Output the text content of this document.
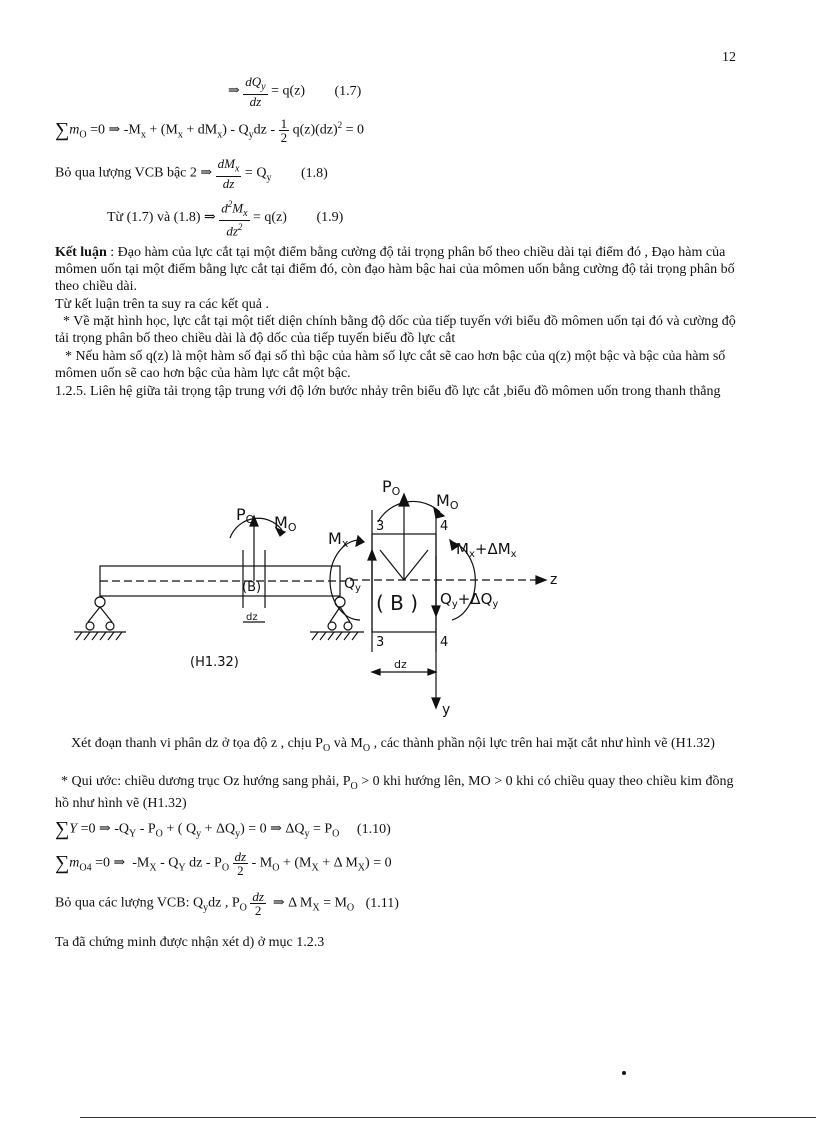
12
⇒ $\frac{dQ_y}{dz} = q(z)$ (1.7)
$\sum m_O =0$ ⇒ $-M_x + (M_x + dM_x) - Q_ydz - \frac{1}{2} q(z)(dz)^2 = 0$
Bỏ qua lượng VCB bậc 2 ⇒ $\frac{dM_x}{dz} = Q_y$ (1.8)
Từ (1.7) và (1.8) ⇒ $\frac{d^2M_x}{dz^2} = q(z)$ (1.9)
Kết luận : Đạo hàm của lực cắt tại một điểm bằng cường độ tải trọng phân bố theo chiều dài tại điểm đó , Đạo hàm của mômen uốn tại một điểm bằng lực cắt tại điểm đó, còn đạo hàm bậc hai của mômen uốn bằng cường độ tải trọng phân bố theo chiều dài.
Từ kết luận trên ta suy ra các kết quả .
* Về mặt hình học, lực cắt tại một tiết diện chính bằng độ dốc của tiếp tuyến với biểu đồ mômen uốn tại đó và cường độ tải trọng phân bố theo chiều dài là độ dốc của tiếp tuyến biểu đồ lực cắt
* Nếu hàm số q(z) là một hàm số đại số thì bậc của hàm số lực cắt sẽ cao hơn bậc của q(z) một bậc và bậc của hàm số mômen uốn sẽ cao hơn bậc của hàm lực cắt một bậc.
1.2.5. Liên hệ giữa tải trọng tập trung với độ lớn bước nhảy trên biểu đồ lực cắt ,biểu đồ mômen uốn trong thanh thẳng
PO MO
(B)
dz
PO MO
Mx
$Q_y$
$M_x+\Delta M_x$
$Q_y+\Delta Q_y$
( B )
3	4
3	4
z
y
dz
(H1.32)
Xét đoạn thanh vi phân dz ở tọa độ z , chịu $P_O$ và $M_O$ , các thành phần nội lực trên hai mặt cắt như hình vẽ (H1.32)
* Qui ước: chiều dương trục Oz hướng sang phải, $P_O > 0$ khi hướng lên, MO > 0 khi có chiều quay theo chiều kim đồng hồ như hình vẽ (H1.32)
∑Y =0 ⇒ $-Q_Y - P_O$ + ( $Q_y + \Delta Q_y) = 0$ ⇒ $\Delta Q_y = P_O$ (1.10)
$\sum m_{O4} =0$ ⇒ $-M_X - Q_Y$ dz - $P_O \frac{dz}{2} - M_O + (M_X + \Delta$ $M_X) = 0$
Bỏ qua các lượng VCB: $Q_ydz$ , $P_O \frac{dz}{2}$ ⇒ Δ $M_X = M_O$ (1.11)
Ta đã chứng minh được nhận xét d) ở mục 1.2.3
